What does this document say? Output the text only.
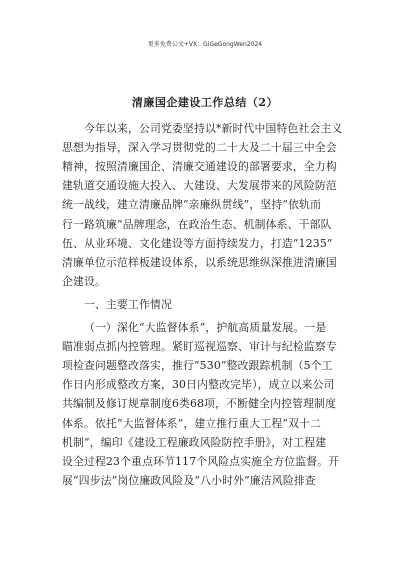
更多免费公文+VX：GiGeGongWen2024
清廉国企建设工作总结（2）
今年以来，公司党委坚持以*新时代中国特色社会主义
思想为指导，深入学习贯彻党的二十大及二十届三中全会
精神，按照清廉国企、清廉交通建设的部署要求，全力构
建轨道交通设施大投入、大建设、大发展带来的风险防范
统一战线，建立清廉品牌“亲廉纵贯线”，坚持“依轨而
行一路筑廉”品牌理念，在政治生态、机制体系、干部队
伍、从业环境、文化建设等方面持续发力，打造“1235”
清廉单位示范样板建设体系，以系统思维纵深推进清廉国
企建设。
一、主要工作情况
（一）深化“大监督体系”，护航高质量发展。一是
瞄准弱点抓内控管理。紧盯巡视巡察、审计与纪检监察专
项检查问题整改落实，推行“530”整改跟踪机制（5个工
作日内形成整改方案，30日内整改完毕），成立以来公司
共编制及修订规章制度6类68项，不断健全内控管理制度
体系。依托“大监督体系”，建立推行重大工程“双十二
机制”，编印《建设工程廉政风险防控手册》，对工程建
设全过程23个重点环节117个风险点实施全方位监督。开
展“四步法”岗位廉政风险及“八小时外”廉洁风险排查
